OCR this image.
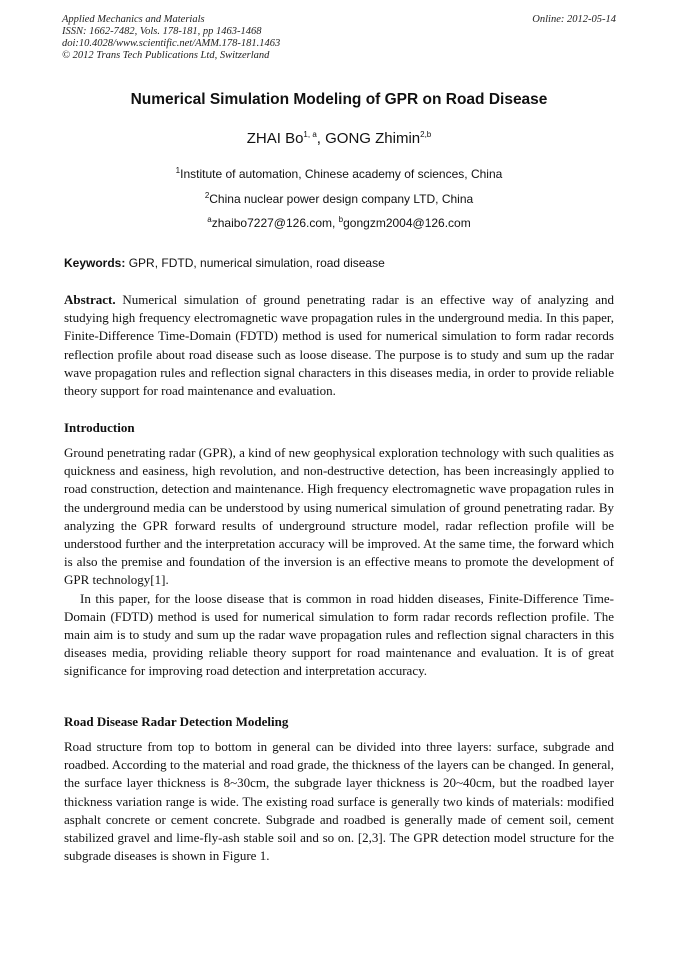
Applied Mechanics and Materials
ISSN: 1662-7482, Vols. 178-181, pp 1463-1468
doi:10.4028/www.scientific.net/AMM.178-181.1463
© 2012 Trans Tech Publications Ltd, Switzerland
Online: 2012-05-14
Numerical Simulation Modeling of GPR on Road Disease
ZHAI Bo$^{1, a}$, GONG Zhimin$^{2,b}$
$^1$Institute of automation, Chinese academy of sciences, China
$^2$China nuclear power design company LTD, China
$^a$zhaibo7227@126.com, $^b$gongzm2004@126.com
Keywords: GPR, FDTD, numerical simulation, road disease
Abstract. Numerical simulation of ground penetrating radar is an effective way of analyzing and studying high frequency electromagnetic wave propagation rules in the underground media. In this paper, Finite-Difference Time-Domain (FDTD) method is used for numerical simulation to form radar records reflection profile about road disease such as loose disease. The purpose is to study and sum up the radar wave propagation rules and reflection signal characters in this diseases media, in order to provide reliable theory support for road maintenance and evaluation.
Introduction

Ground penetrating radar (GPR), a kind of new geophysical exploration technology with such qualities as quickness and easiness, high revolution, and non-destructive detection, has been increasingly applied to road construction, detection and maintenance. High frequency electromagnetic wave propagation rules in the underground media can be understood by using numerical simulation of ground penetrating radar. By analyzing the GPR forward results of underground structure model, radar reflection profile will be understood further and the interpretation accuracy will be improved. At the same time, the forward which is also the premise and foundation of the inversion is an effective means to promote the development of GPR technology[1].

In this paper, for the loose disease that is common in road hidden diseases, Finite-Difference Time-Domain (FDTD) method is used for numerical simulation to form radar records reflection profile. The main aim is to study and sum up the radar wave propagation rules and reflection signal characters in this diseases media, providing reliable theory support for road maintenance and evaluation. It is of great significance for improving road detection and interpretation accuracy.

Road Disease Radar Detection Modeling

Road structure from top to bottom in general can be divided into three layers: surface, subgrade and roadbed. According to the material and road grade, the thickness of the layers can be changed. In general, the surface layer thickness is 8~30cm, the subgrade layer thickness is 20~40cm, but the roadbed layer thickness variation range is wide. The existing road surface is generally two kinds of materials: modified asphalt concrete or cement concrete. Subgrade and roadbed is generally made of cement soil, cement stabilized gravel and lime-fly-ash stable soil and so on. [2,3]. The GPR detection model structure for the subgrade diseases is shown in Figure 1.
